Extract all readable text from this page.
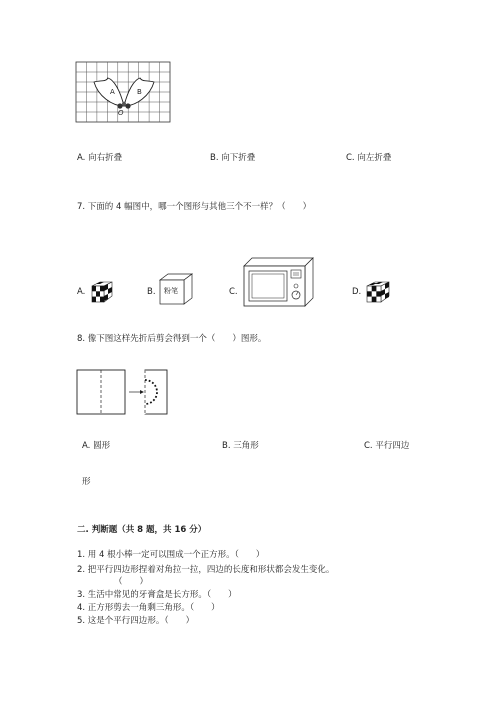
A	B
O
A. 向右折叠	B. 向下折叠	C. 向左折叠
7. 下面的 4 幅图中，哪一个图形与其他三个不一样？（　　）
A.	B. 粉笔	C.	D.
8. 像下图这样先折后剪会得到一个（　　）图形。
A. 圆形	B. 三角形	C. 平行四边
形
二. 判断题（共 8 题，共 16 分）
1. 用 4 根小棒一定可以围成一个正方形。（　　）
2. 把平行四边形捏着对角拉一拉，四边的长度和形状都会发生变化。
（　　）
3. 生活中常见的牙膏盒是长方形。（　　）
4. 正方形剪去一角剩三角形。（　　）
5. 这是个平行四边形。（　　）
